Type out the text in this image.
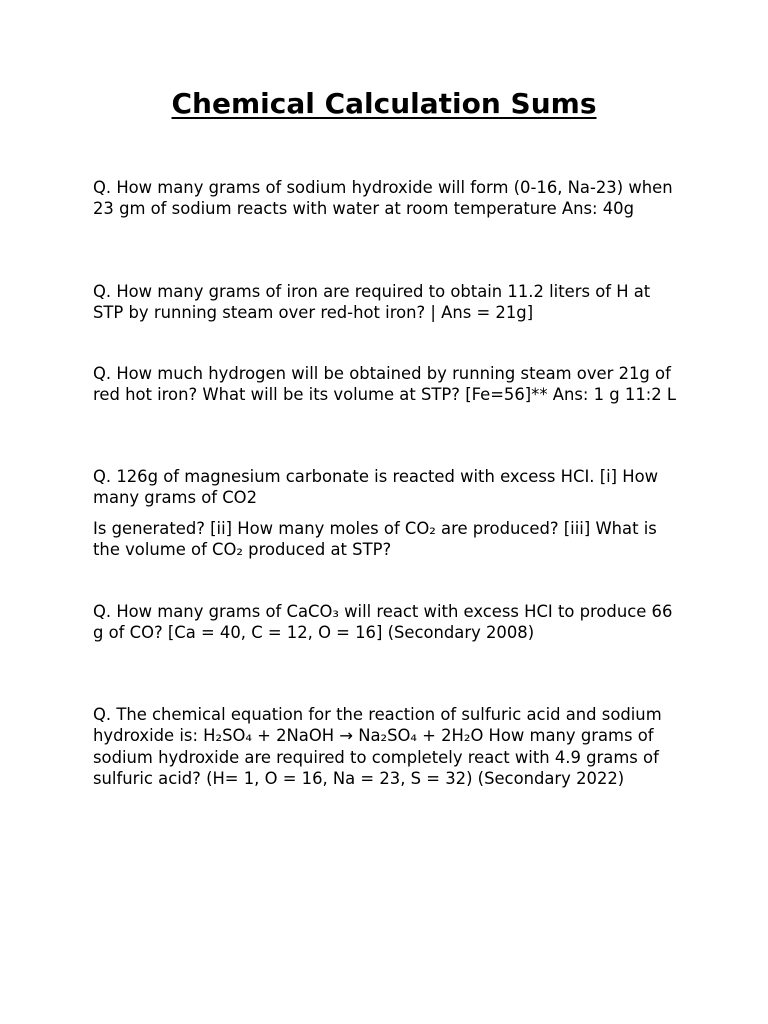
Chemical Calculation Sums

Q. How many grams of sodium hydroxide will form (0-16, Na-23) when 23 gm of sodium reacts with water at room temperature Ans: 40g

Q. How many grams of iron are required to obtain 11.2 liters of H at STP by running steam over red-hot iron? | Ans = 21g]

Q. How much hydrogen will be obtained by running steam over 21g of red hot iron? What will be its volume at STP? [Fe=56]** Ans: 1 g 11:2 L

Q. 126g of magnesium carbonate is reacted with excess HCI. [i] How many grams of CO2

Is generated? [ii] How many moles of CO₂ are produced? [iii] What is the volume of CO₂ produced at STP?

Q. How many grams of CaCO₃ will react with excess HCI to produce 66 g of CO? [Ca = 40, C = 12, O = 16] (Secondary 2008)

Q. The chemical equation for the reaction of sulfuric acid and sodium hydroxide is: H₂SO₄ + 2NaOH → Na₂SO₄ + 2H₂O How many grams of sodium hydroxide are required to completely react with 4.9 grams of sulfuric acid? (H= 1, O = 16, Na = 23, S = 32) (Secondary 2022)
